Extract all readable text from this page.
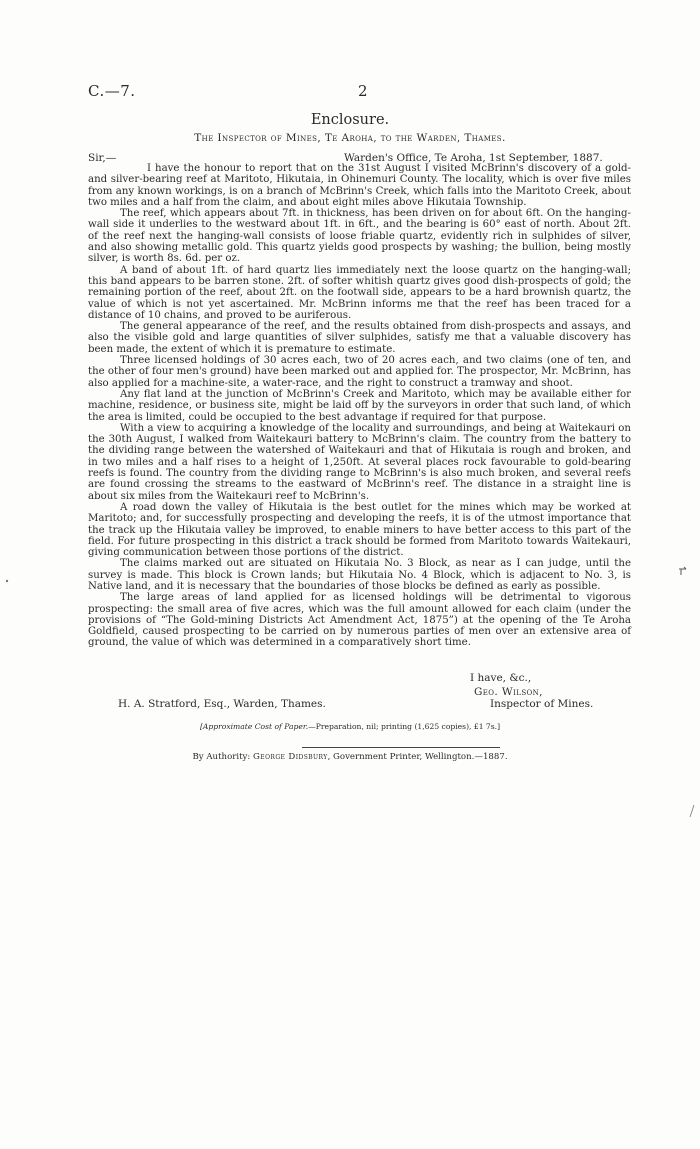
C.—7.	2
Enclosure.
The Inspector of Mines, Te Aroha, to the Warden, Thames.
Sir,—	Warden's Office, Te Aroha, 1st September, 1887.

I have the honour to report that on the 31st August I visited McBrinn's discovery of a gold- and silver-bearing reef at Maritoto, Hikutaia, in Ohinemuri County. The locality, which is over five miles from any known workings, is on a branch of McBrinn's Creek, which falls into the Maritoto Creek, about two miles and a half from the claim, and about eight miles above Hikutaia Township.

The reef, which appears about 7ft. in thickness, has been driven on for about 6ft. On the hanging-wall side it underlies to the westward about 1ft. in 6ft., and the bearing is 60° east of north. About 2ft. of the reef next the hanging-wall consists of loose friable quartz, evidently rich in sulphides of silver, and also showing metallic gold. This quartz yields good prospects by washing; the bullion, being mostly silver, is worth 8s. 6d. per oz.

A band of about 1ft. of hard quartz lies immediately next the loose quartz on the hanging-wall; this band appears to be barren stone. 2ft. of softer whitish quartz gives good dish-prospects of gold; the remaining portion of the reef, about 2ft. on the footwall side, appears to be a hard brownish quartz, the value of which is not yet ascertained. Mr. McBrinn informs me that the reef has been traced for a distance of 10 chains, and proved to be auriferous.

The general appearance of the reef, and the results obtained from dish-prospects and assays, and also the visible gold and large quantities of silver sulphides, satisfy me that a valuable discovery has been made, the extent of which it is premature to estimate.

Three licensed holdings of 30 acres each, two of 20 acres each, and two claims (one of ten, and the other of four men's ground) have been marked out and applied for. The prospector, Mr. McBrinn, has also applied for a machine-site, a water-race, and the right to construct a tramway and shoot.

Any flat land at the junction of McBrinn's Creek and Maritoto, which may be available either for machine, residence, or business site, might be laid off by the surveyors in order that such land, of which the area is limited, could be occupied to the best advantage if required for that purpose.

With a view to acquiring a knowledge of the locality and surroundings, and being at Waitekauri on the 30th August, I walked from Waitekauri battery to McBrinn's claim. The country from the battery to the dividing range between the watershed of Waitekauri and that of Hikutaia is rough and broken, and in two miles and a half rises to a height of 1,250ft. At several places rock favourable to gold-bearing reefs is found. The country from the dividing range to McBrinn's is also much broken, and several reefs are found crossing the streams to the eastward of McBrinn's reef. The distance in a straight line is about six miles from the Waitekauri reef to McBrinn's.

A road down the valley of Hikutaia is the best outlet for the mines which may be worked at Maritoto; and, for successfully prospecting and developing the reefs, it is of the utmost importance that the track up the Hikutaia valley be improved, to enable miners to have better access to this part of the field. For future prospecting in this district a track should be formed from Maritoto towards Waitekauri, giving communication between those portions of the district.

The claims marked out are situated on Hikutaia No. 3 Block, as near as I can judge, until the survey is made. This block is Crown lands; but Hikutaia No. 4 Block, which is adjacent to No. 3, is Native land, and it is necessary that the boundaries of those blocks be defined as early as possible.

The large areas of land applied for as licensed holdings will be detrimental to vigorous prospecting: the small area of five acres, which was the full amount allowed for each claim (under the provisions of “The Gold-mining Districts Act Amendment Act, 1875”) at the opening of the Te Aroha Goldfield, caused prospecting to be carried on by numerous parties of men over an extensive area of ground, the value of which was determined in a comparatively short time.

I have, &c.,
Geo. Wilson,
H. A. Stratford, Esq., Warden, Thames.	Inspector of Mines.
[Approximate Cost of Paper.—Preparation, nil; printing (1,625 copies), £1 7s.]
By Authority: George Didsbury, Government Printer, Wellington.—1887.
